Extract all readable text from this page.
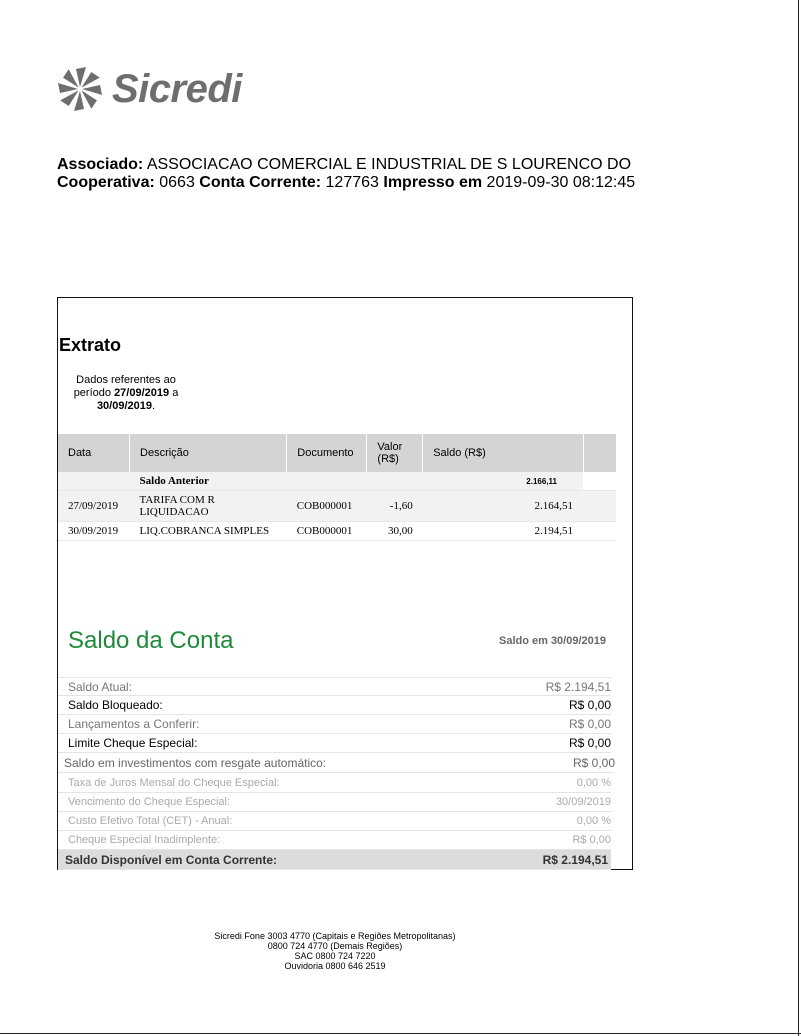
Sicredi
Associado: ASSOCIACAO COMERCIAL E INDUSTRIAL DE S LOURENCO DO
Cooperativa: 0663 Conta Corrente: 127763 Impresso em 2019-09-30 08:12:45
Extrato
Dados referentes ao período 27/09/2019 a 30/09/2019.
Data	Descrição	Documento	Valor (R$)	Saldo (R$)	
	Saldo Anterior			2.166,11	
27/09/2019	TARIFA COM R LIQUIDACAO	COB000001	-1,60	2.164,51	
30/09/2019	LIQ.COBRANCA SIMPLES	COB000001	30,00	2.194,51	
Saldo da Conta	Saldo em 30/09/2019
Saldo Atual:	R$ 2.194,51
Saldo Bloqueado:	R$ 0,00
Lançamentos a Conferir:	R$ 0,00
Limite Cheque Especial:	R$ 0,00
Saldo em investimentos com resgate automático:	R$ 0,00
Taxa de Juros Mensal do Cheque Especial:	0,00 %
Vencimento do Cheque Especial:	30/09/2019
Custo Efetivo Total (CET) - Anual:	0,00 %
Cheque Especial Inadimplente:	R$ 0,00
Saldo Disponível em Conta Corrente:	R$ 2.194,51
Sicredi Fone 3003 4770 (Capitais e Regiões Metropolitanas)
0800 724 4770 (Demais Regiões)
SAC 0800 724 7220
Ouvidoria 0800 646 2519
